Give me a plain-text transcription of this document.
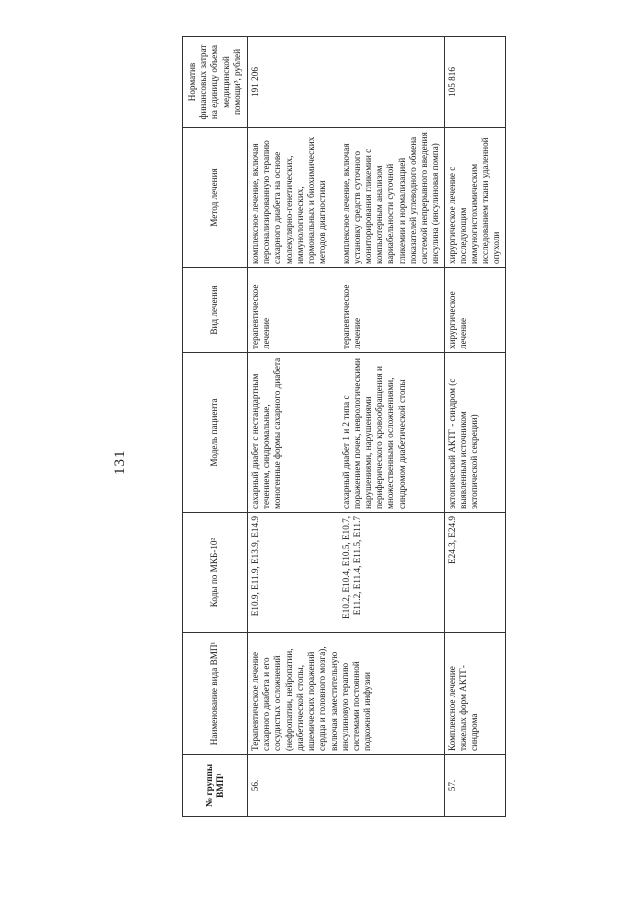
131
№ группы ВМП¹	Наименование вида ВМП¹	Коды по МКБ-10²	Модель пациента	Вид лечения	Метод лечения	Норматив финансовых затрат на единицу объема медицинской помощи³, рублей
56.	Терапевтическое лечение сахарного диабета и его сосудистых осложнений (нефропатии, нейропатии, диабетической стопы, ишемических поражений сердца и головного мозга), включая заместительную инсулиновую терапию системами постоянной подкожной инфузии	E10.9, E11.9, E13.9, E14.9	сахарный диабет с нестандартным течением, синдромальные, моногенные формы сахарного диабета	терапевтическое лечение	комплексное лечение, включая персонализированную терапию сахарного диабета на основе молекулярно-генетических, иммунологических, гормональных и биохимических методов диагностики	191 206
		E10.2, E10.4, E10.5, E10.7, E11.2, E11.4, E11.5, E11.7	сахарный диабет 1 и 2 типа с поражением почек, неврологическими нарушениями, нарушениями периферического кровообращения и множественными осложнениями, синдромом диабетической стопы	терапевтическое лечение	комплексное лечение, включая установку средств суточного мониторирования гликемии с компьютерным анализом вариабельности суточной гликемии и нормализацией показателей углеводного обмена системой непрерывного введения инсулина (инсулиновая помпа)	
57.	Комплексное лечение тяжелых форм АКТГ-синдрома	E24.3, E24.9	эктопический АКТГ - синдром (с выявленным источником эктопической секреции)	хирургическое лечение	хирургическое лечение с последующим иммуногистохимическим исследованием ткани удаленной опухоли	105 816
